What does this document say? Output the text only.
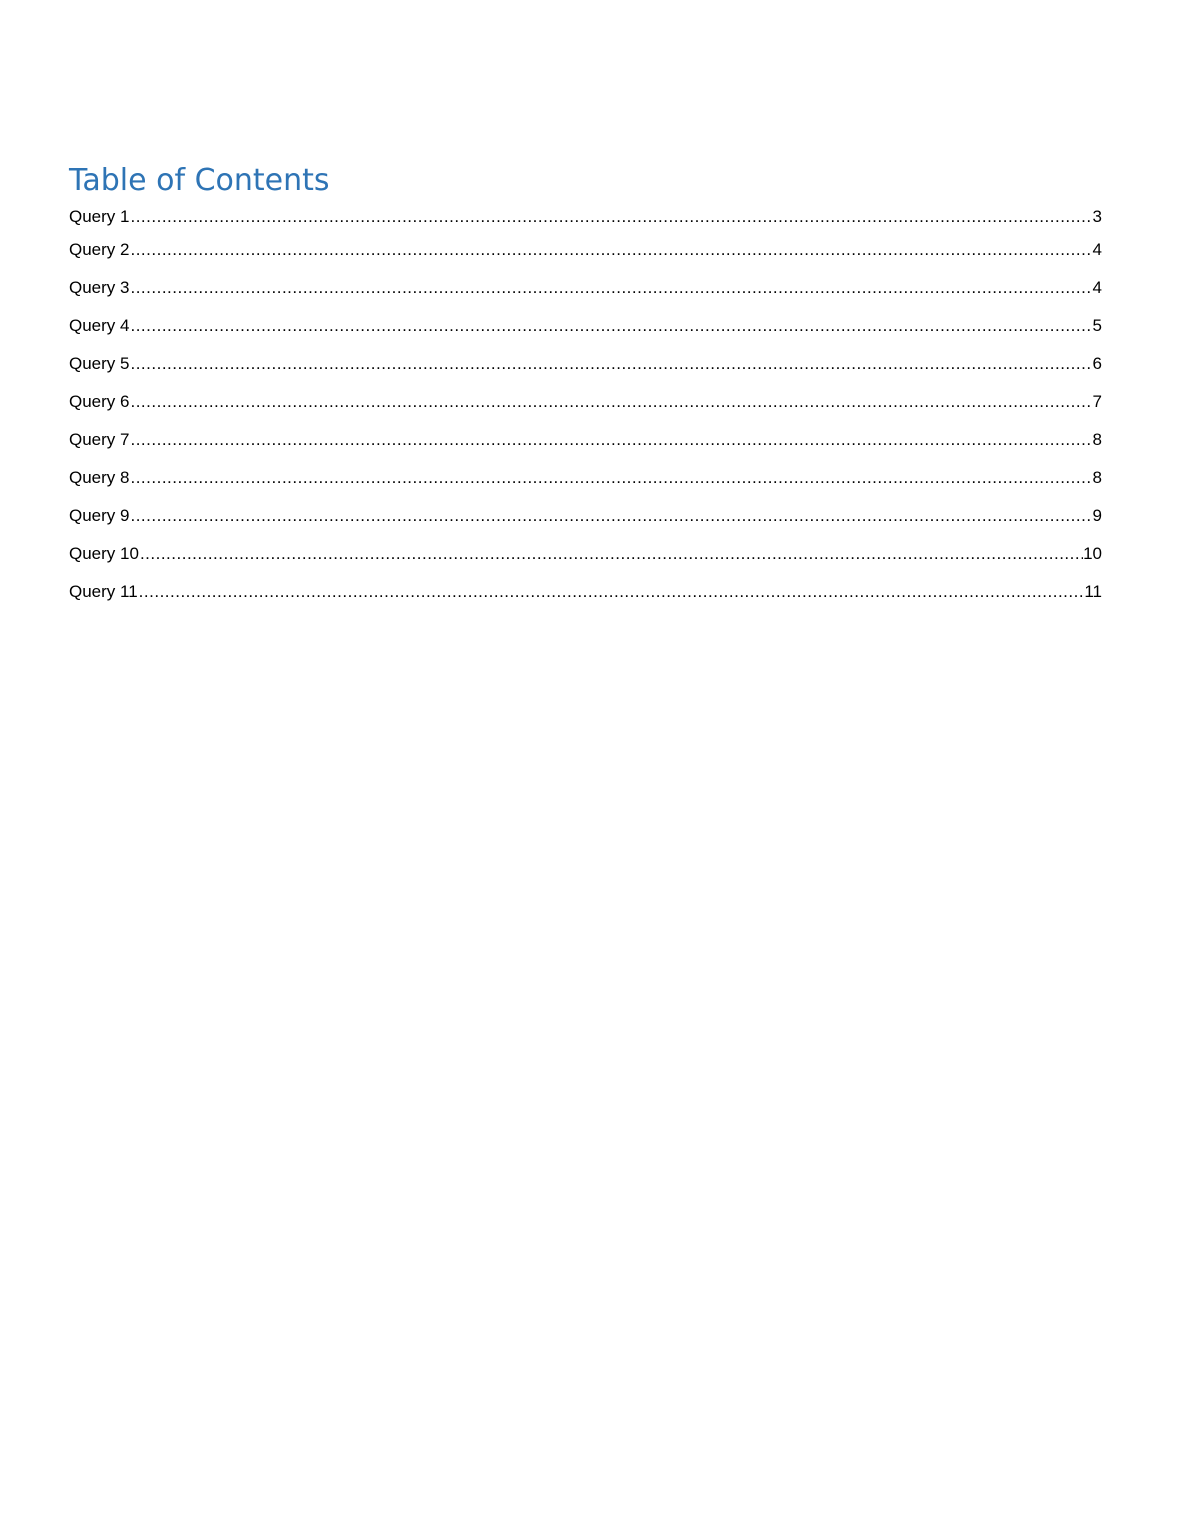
Table of Contents
Query 1 .....	3
Query 2 .....	4
Query 3 .....	4
Query 4 .....	5
Query 5 .....	6
Query 6 .....	7
Query 7 .....	8
Query 8 .....	8
Query 9 .....	9
Query 10 .....	10
Query 11 .....	11
